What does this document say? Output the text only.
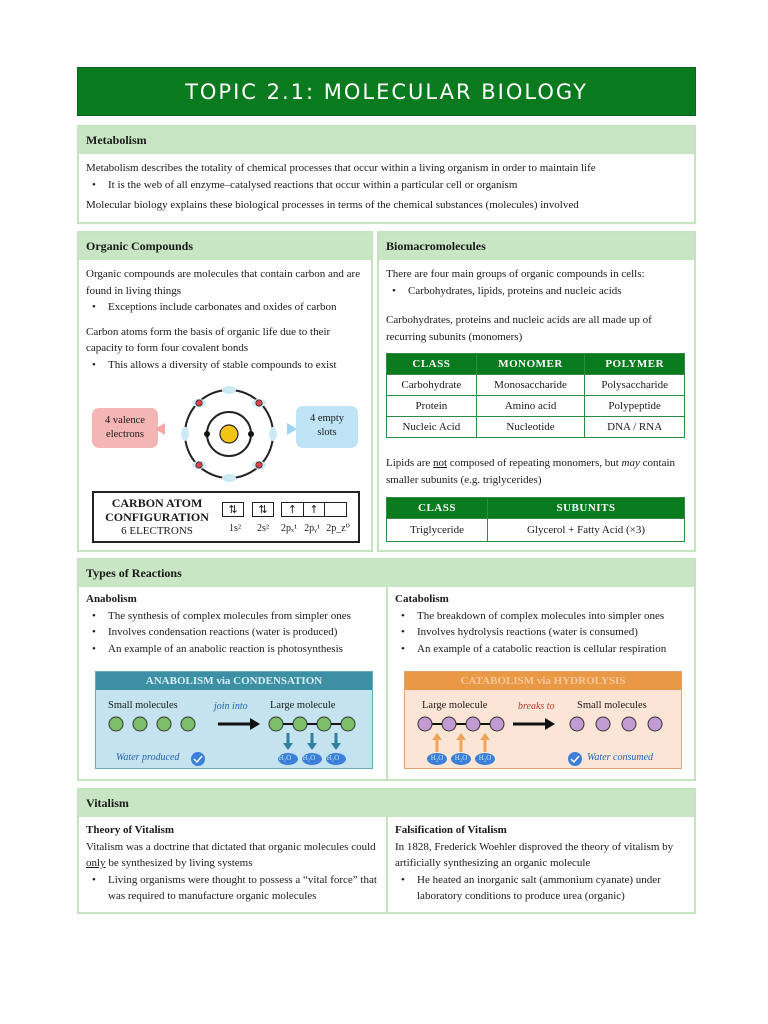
TOPIC 2.1: MOLECULAR BIOLOGY
Metabolism
Metabolism describes the totality of chemical processes that occur within a living organism in order to maintain life
• It is the web of all enzyme–catalysed reactions that occur within a particular cell or organism
Molecular biology explains these biological processes in terms of the chemical substances (molecules) involved
Organic Compounds
Organic compounds are molecules that contain carbon and are found in living things
• Exceptions include carbonates and oxides of carbon
Carbon atoms form the basis of organic life due to their capacity to form four covalent bonds
• This allows a diversity of stable compounds to exist
4 valence electrons
4 empty slots
CARBON ATOM CONFIGURATION
6 ELECTRONS
⇅	⇅	↑	↑
1s²	2s²	2pₓ¹ 2pᵧ¹ 2p_z⁰
Biomacromolecules
There are four main groups of organic compounds in cells:
• Carbohydrates, lipids, proteins and nucleic acids
Carbohydrates, proteins and nucleic acids are all made up of recurring subunits (monomers)
CLASS	MONOMER	POLYMER
Carbohydrate	Monosaccharide	Polysaccharide
Protein	Amino acid	Polypeptide
Nucleic Acid	Nucleotide	DNA / RNA
Lipids are not composed of repeating monomers, but may contain smaller subunits (e.g. triglycerides)
CLASS	SUBUNITS
Triglyceride	Glycerol + Fatty Acid (×3)
Types of Reactions
Anabolism
• The synthesis of complex molecules from simpler ones
• Involves condensation reactions (water is produced)
• An example of an anabolic reaction is photosynthesis
ANABOLISM via CONDENSATION
Small molecules	join into	Large molecule
H₂O	H₂O	H₂O
Water produced
Catabolism
• The breakdown of complex molecules into simpler ones
• Involves hydrolysis reactions (water is consumed)
• An example of a catabolic reaction is cellular respiration
CATABOLISM via HYDROLYSIS
Large molecule	breaks to	Small molecules
H₂O	H₂O	H₂O	Water consumed
Vitalism
Theory of Vitalism
Vitalism was a doctrine that dictated that organic molecules could only be synthesized by living systems
• Living organisms were thought to possess a “vital force” that was required to manufacture organic molecules
Falsification of Vitalism
In 1828, Frederick Woehler disproved the theory of vitalism by artificially synthesizing an organic molecule
• He heated an inorganic salt (ammonium cyanate) under laboratory conditions to produce urea (organic)
